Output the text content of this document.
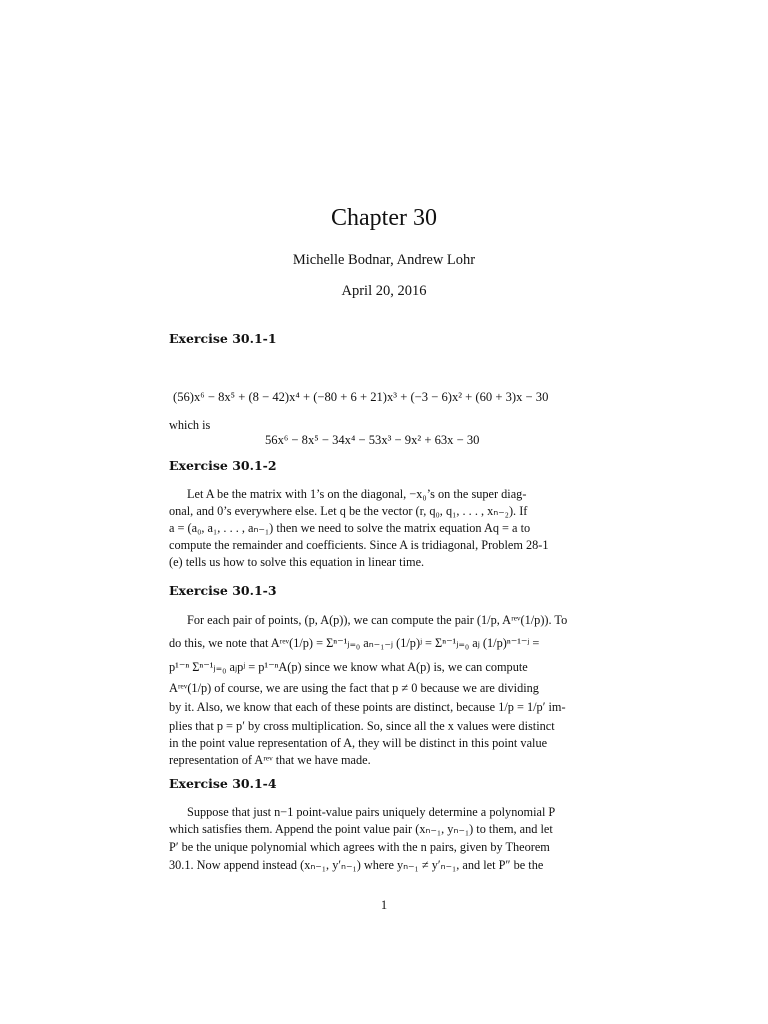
Chapter 30
Michelle Bodnar, Andrew Lohr
April 20, 2016
Exercise 30.1-1
(56)x⁶ − 8x⁵ + (8 − 42)x⁴ + (−80 + 6 + 21)x³ + (−3 − 6)x² + (60 + 3)x − 30
which is
56x⁶ − 8x⁵ − 34x⁴ − 53x³ − 9x² + 63x − 30
Exercise 30.1-2
Let A be the matrix with 1’s on the diagonal, −x₀’s on the super diag-
onal, and 0’s everywhere else. Let q be the vector (r, q₀, q₁, . . . , xₙ₋₂). If
a = (a₀, a₁, . . . , aₙ₋₁) then we need to solve the matrix equation Aq = a to
compute the remainder and coefficients. Since A is tridiagonal, Problem 28-1
(e) tells us how to solve this equation in linear time.
Exercise 30.1-3
For each pair of points, (p, A(p)), we can compute the pair (1/p, Aʳᵉᵛ(1/p)). To
do this, we note that Aʳᵉᵛ(1/p) = Σⁿ⁻¹ⱼ₌₀ aₙ₋₁₋ⱼ (1/p)ʲ = Σⁿ⁻¹ⱼ₌₀ aⱼ (1/p)ⁿ⁻¹⁻ʲ =
p¹⁻ⁿ Σⁿ⁻¹ⱼ₌₀ aⱼpʲ = p¹⁻ⁿA(p) since we know what A(p) is, we can compute
Aʳᵉᵛ(1/p) of course, we are using the fact that p ≠ 0 because we are dividing
by it. Also, we know that each of these points are distinct, because 1/p = 1/p′ im-
plies that p = p′ by cross multiplication. So, since all the x values were distinct
in the point value representation of A, they will be distinct in this point value
representation of Aʳᵉᵛ that we have made.
Exercise 30.1-4
Suppose that just n−1 point-value pairs uniquely determine a polynomial P
which satisfies them. Append the point value pair (xₙ₋₁, yₙ₋₁) to them, and let
P′ be the unique polynomial which agrees with the n pairs, given by Theorem
30.1. Now append instead (xₙ₋₁, y′ₙ₋₁) where yₙ₋₁ ≠ y′ₙ₋₁, and let P″ be the
1
